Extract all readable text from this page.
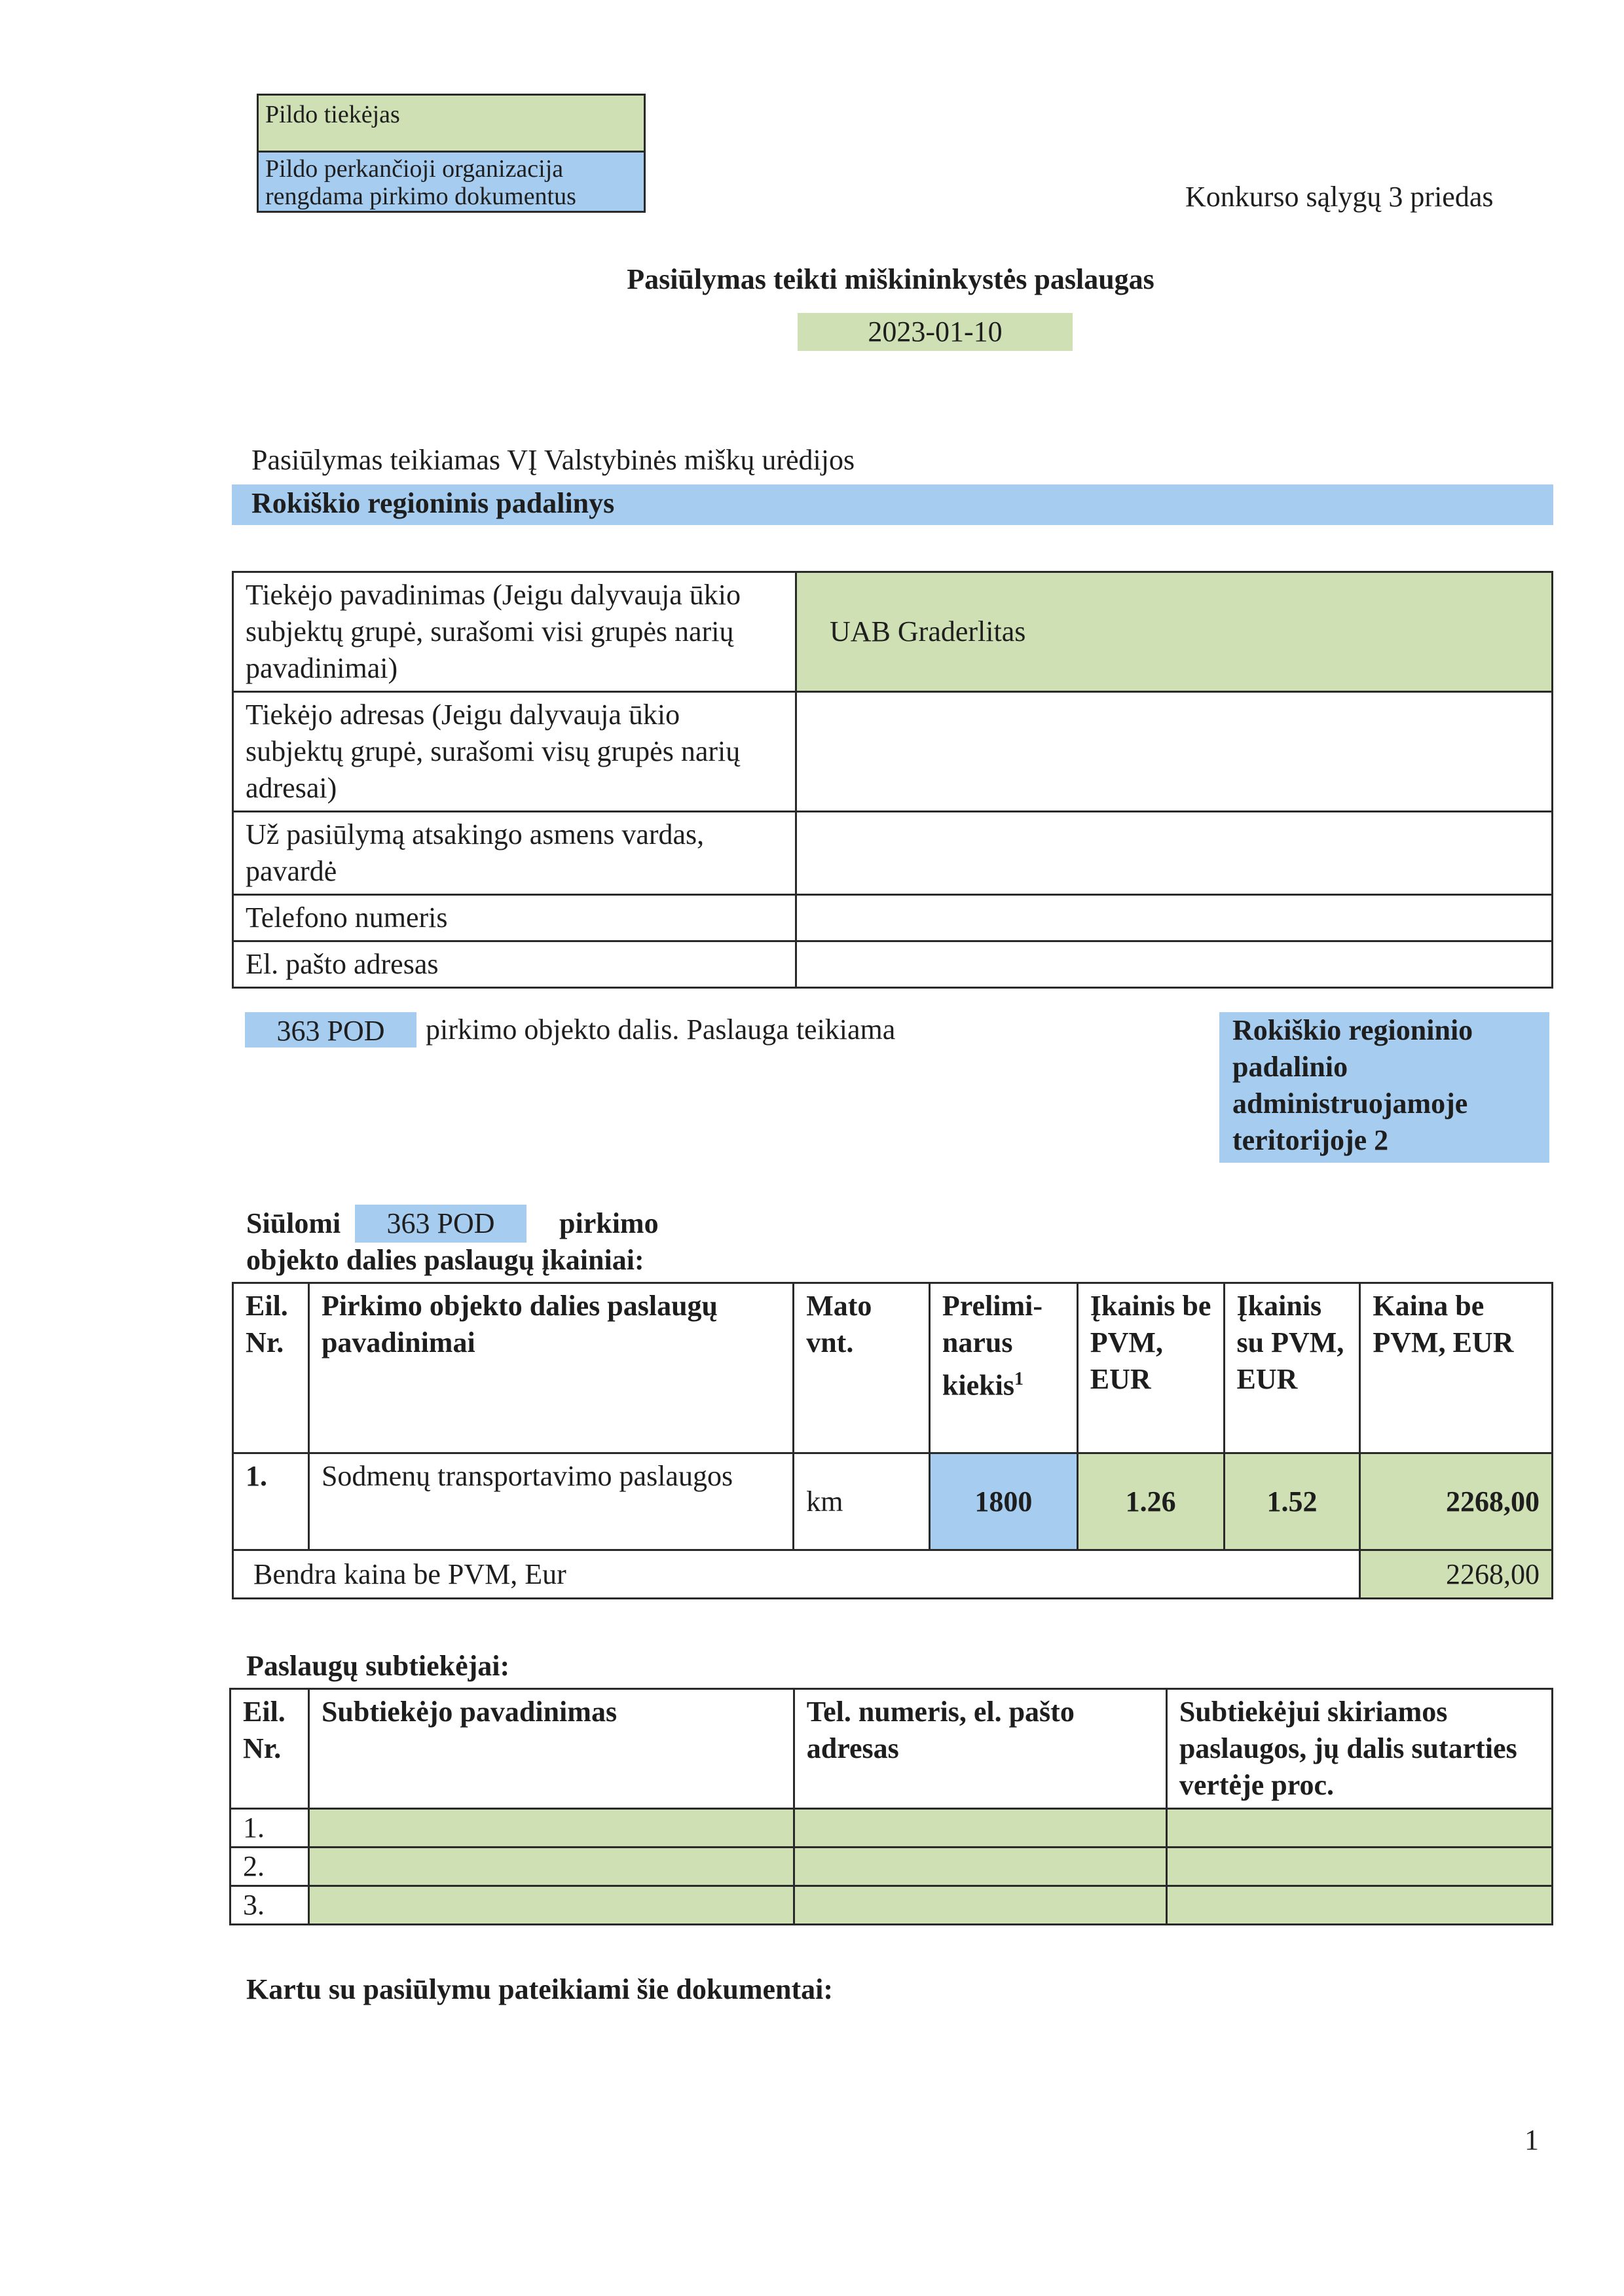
Pildo tiekėjas
Pildo perkančioji organizacija rengdama pirkimo dokumentus	Konkurso sąlygų 3 priedas
Pasiūlymas teikti miškininkystės paslaugas
2023-01-10
Pasiūlymas teikiamas VĮ Valstybinės miškų urėdijos
Rokiškio regioninis padalinys
Tiekėjo pavadinimas (Jeigu dalyvauja ūkio subjektų grupė, surašomi visi grupės narių pavadinimai)	UAB Graderlitas
Tiekėjo adresas (Jeigu dalyvauja ūkio subjektų grupė, surašomi visų grupės narių adresai)	
Už pasiūlymą atsakingo asmens vardas, pavardė	
Telefono numeris	
El. pašto adresas	
363 POD	pirkimo objekto dalis. Paslauga teikiama	Rokiškio regioninio padalinio administruojamoje teritorijoje 2
Siūlomi	363 POD	pirkimo
objekto dalies paslaugų įkainiai:
Eil. Nr.	Pirkimo objekto dalies paslaugų pavadinimai	Mato vnt.	Prelimi-narus kiekis$^1$	Įkainis be PVM, EUR	Įkainis su PVM, EUR	Kaina be PVM, EUR
1.	Sodmenų transportavimo paslaugos	km	1800	1.26	1.52	2268,00
Bendra kaina be PVM, Eur						2268,00
Paslaugų subtiekėjai:
Eil. Nr.	Subtiekėjo pavadinimas	Tel. numeris, el. pašto adresas	Subtiekėjui skiriamos paslaugos, jų dalis sutarties vertėje proc.
1.			
2.			
3.			
Kartu su pasiūlymu pateikiami šie dokumentai:
1
